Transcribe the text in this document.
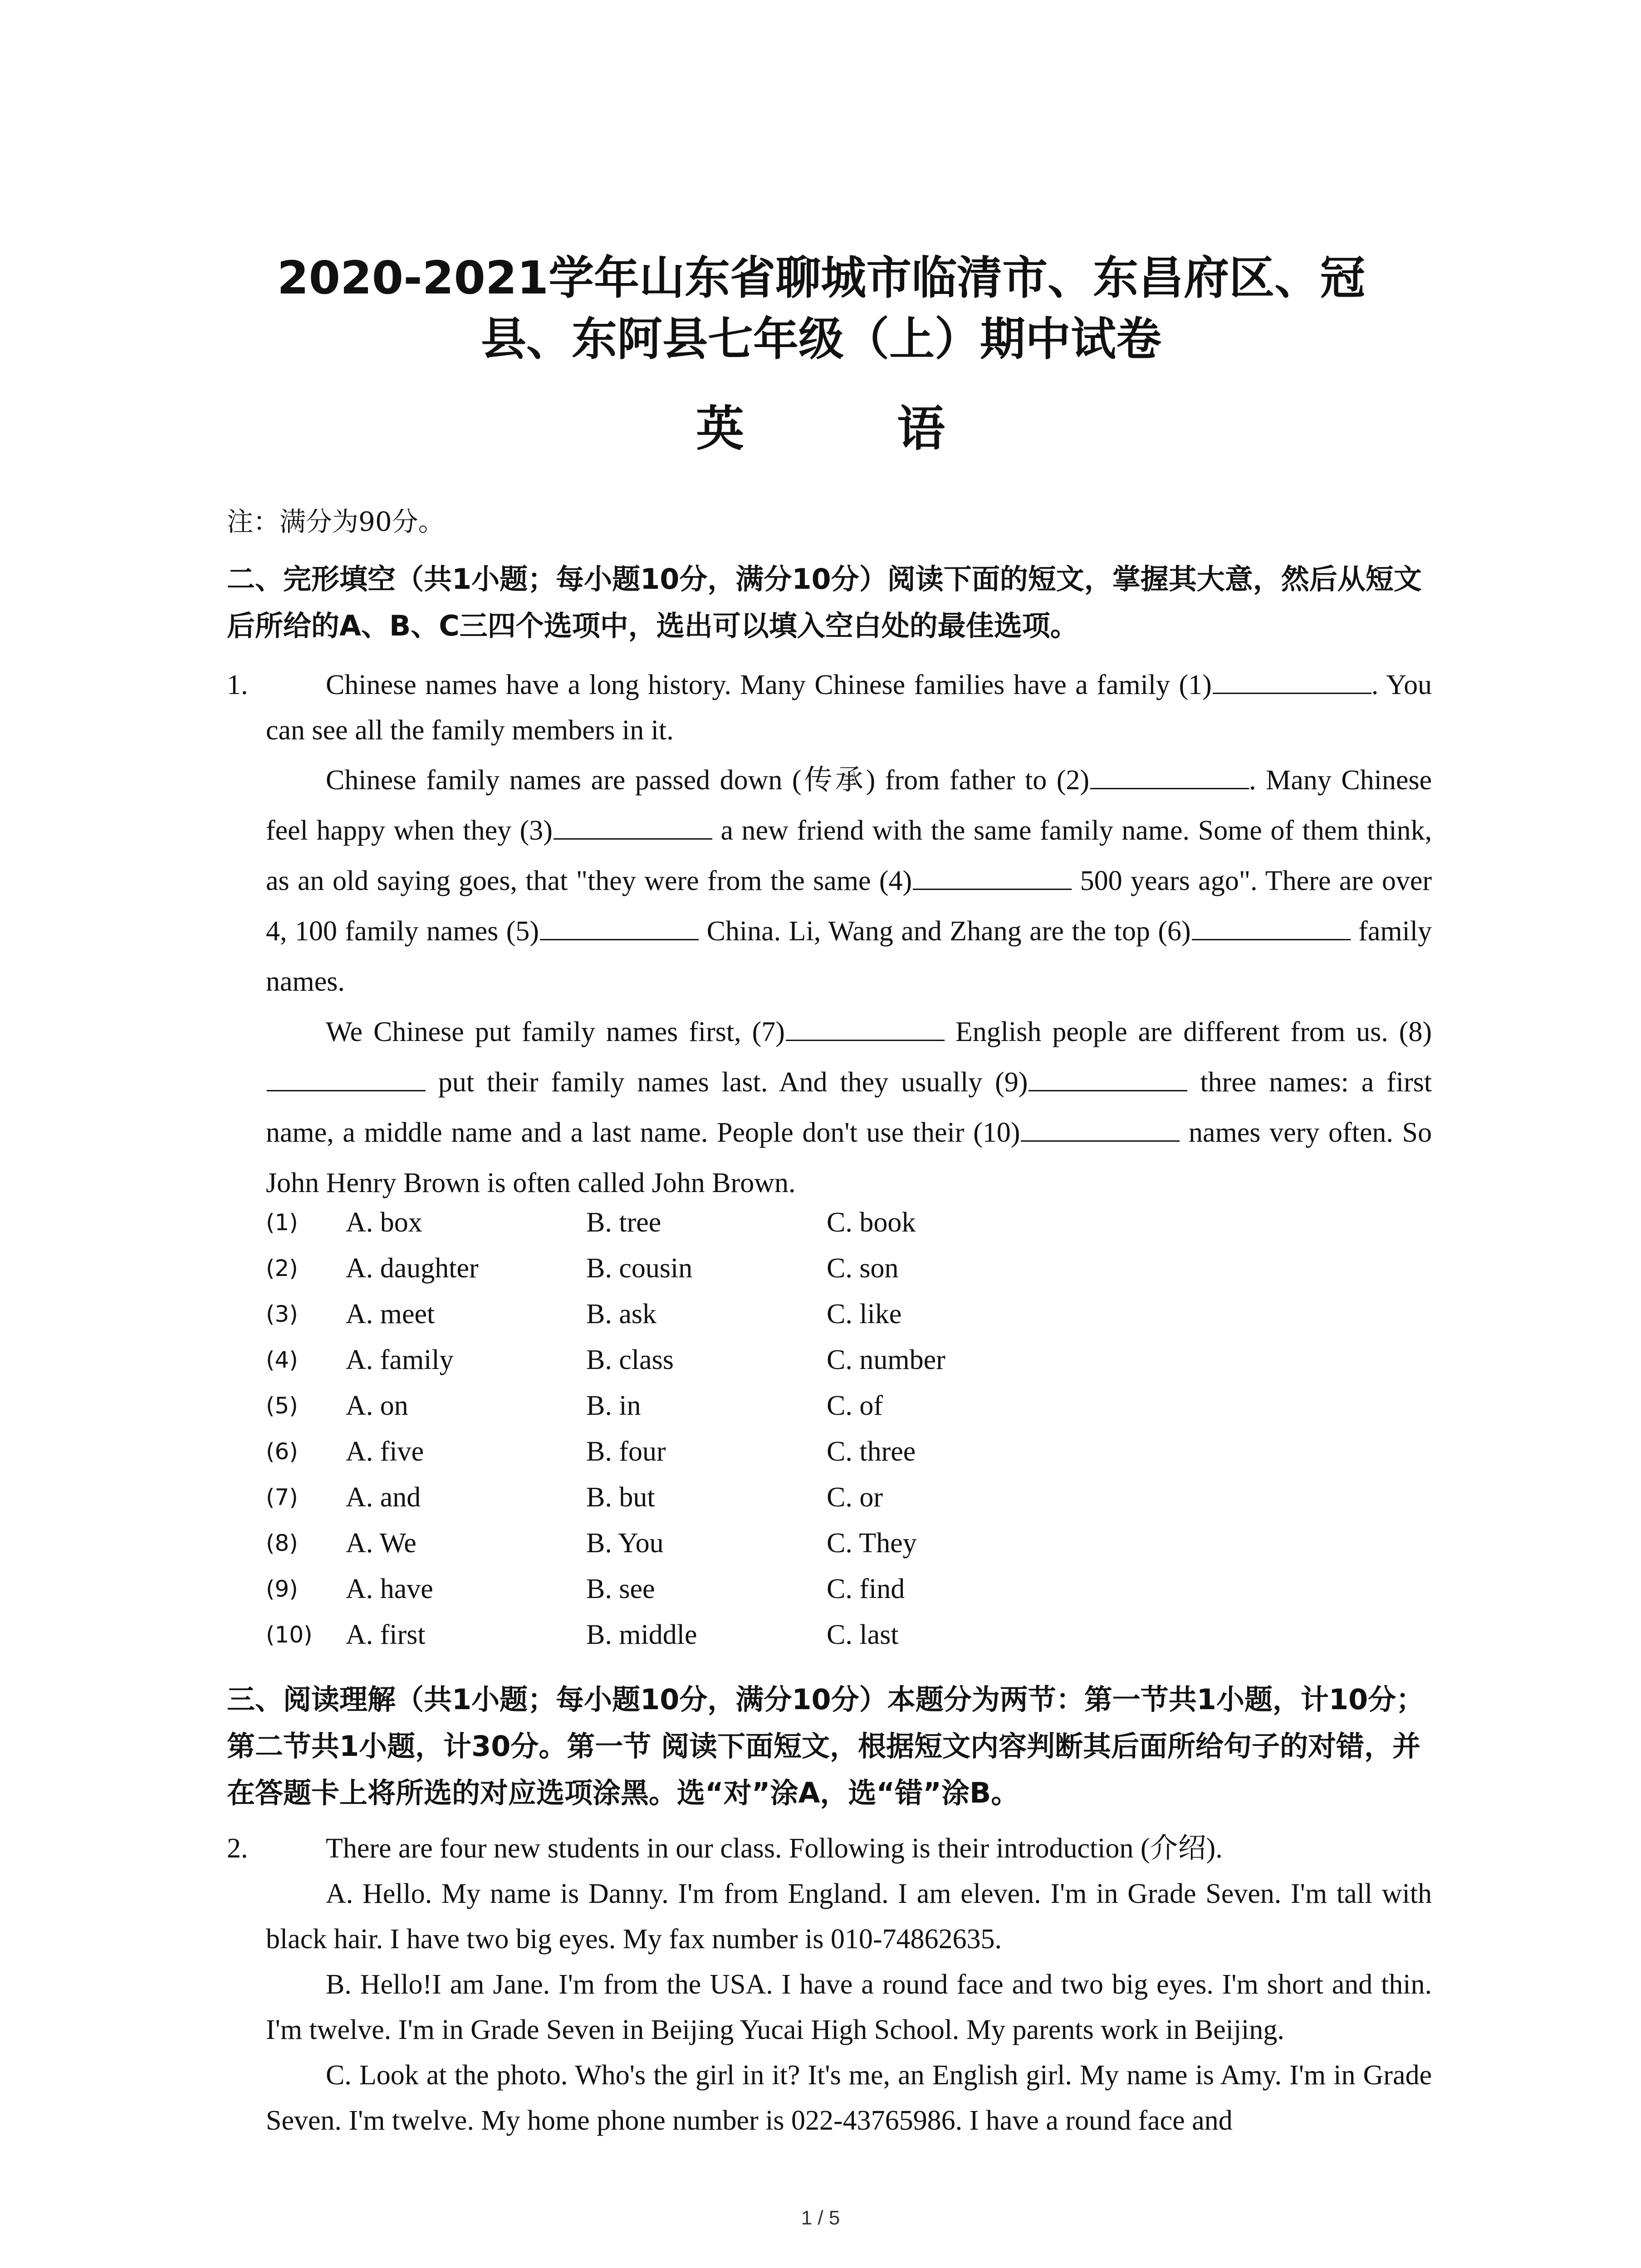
2020-2021学年山东省聊城市临清市、东昌府区、冠
县、东阿县七年级（上）期中试卷
英 语
注：满分为90分。
二、完形填空（共1小题；每小题10分，满分10分）阅读下面的短文，掌握其大意，然后从短文后所给的A、B、C三四个选项中，选出可以填入空白处的最佳选项。
1.	Chinese names have a long history. Many Chinese families have a family (1)	. You can see all the family members in it.

Chinese family names are passed down (传承) from father to (2)	. Many Chinese feel happy when they (3)	a new friend with the same family name. Some of them think, as an old saying goes, that "they were from the same (4)	500 years ago". There are over 4, 100 family names (5)	China. Li, Wang and Zhang are the top (6)	family names.

We Chinese put family names first, (7)	English people are different from us. (8) put their family names last. And they usually (9)	three names: a first name, a middle name and a last name. People don't use their (10)	names very often. So John Henry Brown is often called John Brown.

(1) A. box	B. tree	C. book
(2) A. daughter	B. cousin	C. son
(3) A. meet	B. ask	C. like
(4) A. family	B. class	C. number
(5) A. on	B. in	C. of
(6) A. five	B. four	C. three
(7) A. and	B. but	C. or
(8) A. We	B. You	C. They
(9) A. have	B. see	C. find
(10) A. first	B. middle	C. last
三、阅读理解（共1小题；每小题10分，满分10分）本题分为两节：第一节共1小题，计10分；第二节共1小题，计30分。第一节 阅读下面短文，根据短文内容判断其后面所给句子的对错，并在答题卡上将所选的对应选项涂黑。选“对”涂A，选“错”涂B。
2.	There are four new students in our class. Following is their introduction (介绍).
A. Hello. My name is Danny. I'm from England. I am eleven. I'm in Grade Seven. I'm tall with black hair. I have two big eyes. My fax number is 010-74862635.
B. Hello!I am Jane. I'm from the USA. I have a round face and two big eyes. I'm short and thin. I'm twelve. I'm in Grade Seven in Beijing Yucai High School. My parents work in Beijing.
C. Look at the photo. Who's the girl in it? It's me, an English girl. My name is Amy. I'm in Grade Seven. I'm twelve. My home phone number is 022-43765986. I have a round face and
1 / 5
